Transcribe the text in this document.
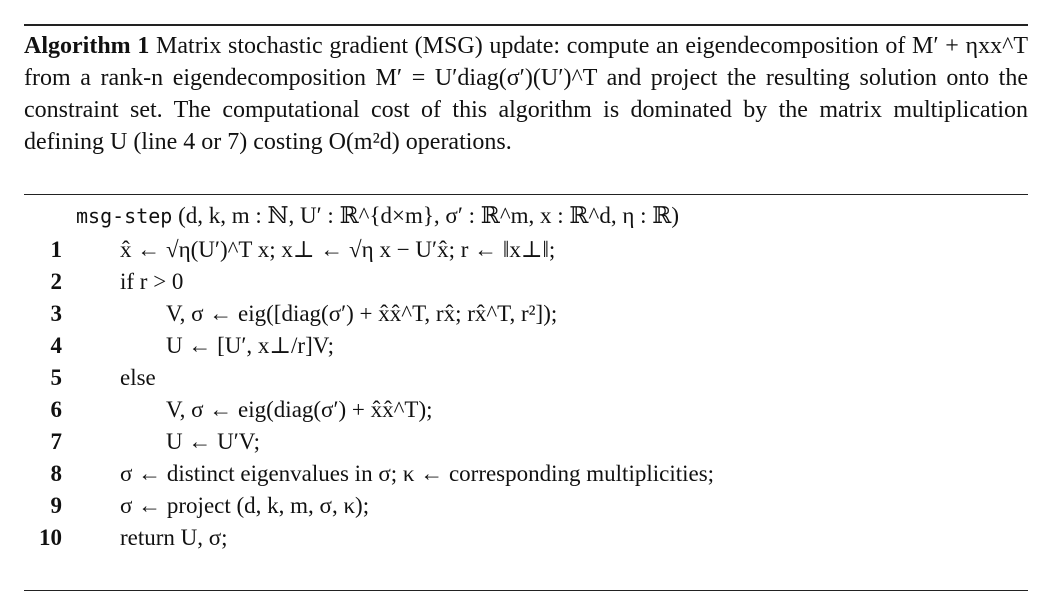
Algorithm 1 Matrix stochastic gradient (MSG) update: compute an eigendecomposition of M′ + ηxx^T from a rank-n eigendecomposition M′ = U′diag(σ′)(U′)^T and project the resulting solution onto the constraint set. The computational cost of this algorithm is dominated by the matrix multiplication defining U (line 4 or 7) costing O(m²d) operations.
msg-step (d, k, m : ℕ, U′ : ℝ^{d×m}, σ′ : ℝ^m, x : ℝ^d, η : ℝ)
1	x̂ ← √η(U′)^T x; x⊥ ← √η x − U′x̂; r ← ‖x⊥‖;
2	if r > 0
3	V, σ ← eig([diag(σ′) + x̂x̂^T, rx̂; rx̂^T, r²]);
4	U ← [U′, x⊥/r]V;
5	else
6	V, σ ← eig(diag(σ′) + x̂x̂^T);
7	U ← U′V;
8	σ ← distinct eigenvalues in σ; κ ← corresponding multiplicities;
9	σ ← project (d, k, m, σ, κ);
10	return U, σ;
